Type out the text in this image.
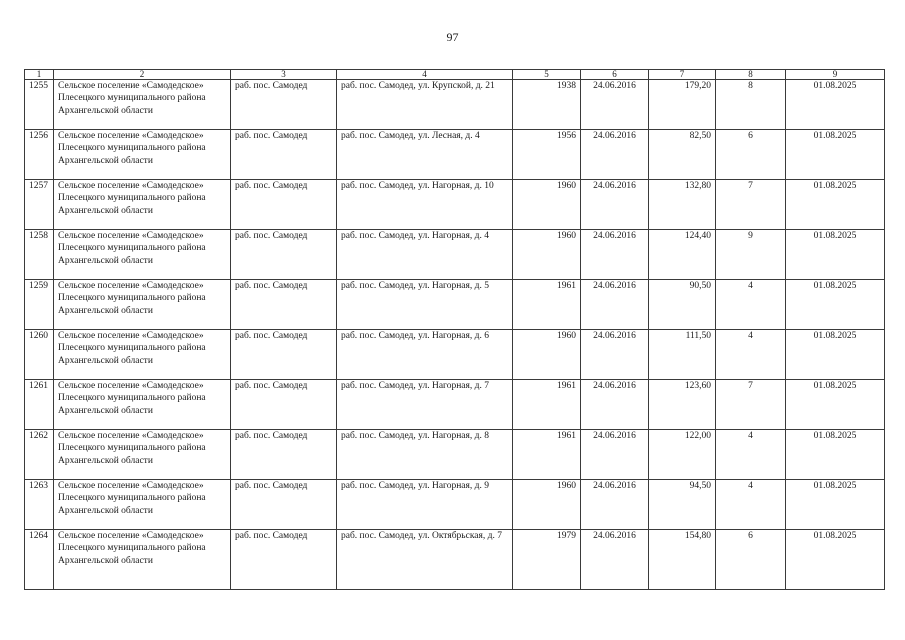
97
1	2	3	4	5	6	7	8	9
1255	Сельское поселение «Самодедское» Плесецкого муниципального района Архангельской области	раб. пос. Самодед	раб. пос. Самодед, ул. Крупской, д. 21	1938	24.06.2016	179,20	8	01.08.2025
1256	Сельское поселение «Самодедское» Плесецкого муниципального района Архангельской области	раб. пос. Самодед	раб. пос. Самодед, ул. Лесная, д. 4	1956	24.06.2016	82,50	6	01.08.2025
1257	Сельское поселение «Самодедское» Плесецкого муниципального района Архангельской области	раб. пос. Самодед	раб. пос. Самодед, ул. Нагорная, д. 10	1960	24.06.2016	132,80	7	01.08.2025
1258	Сельское поселение «Самодедское» Плесецкого муниципального района Архангельской области	раб. пос. Самодед	раб. пос. Самодед, ул. Нагорная, д. 4	1960	24.06.2016	124,40	9	01.08.2025
1259	Сельское поселение «Самодедское» Плесецкого муниципального района Архангельской области	раб. пос. Самодед	раб. пос. Самодед, ул. Нагорная, д. 5	1961	24.06.2016	90,50	4	01.08.2025
1260	Сельское поселение «Самодедское» Плесецкого муниципального района Архангельской области	раб. пос. Самодед	раб. пос. Самодед, ул. Нагорная, д. 6	1960	24.06.2016	111,50	4	01.08.2025
1261	Сельское поселение «Самодедское» Плесецкого муниципального района Архангельской области	раб. пос. Самодед	раб. пос. Самодед, ул. Нагорная, д. 7	1961	24.06.2016	123,60	7	01.08.2025
1262	Сельское поселение «Самодедское» Плесецкого муниципального района Архангельской области	раб. пос. Самодед	раб. пос. Самодед, ул. Нагорная, д. 8	1961	24.06.2016	122,00	4	01.08.2025
1263	Сельское поселение «Самодедское» Плесецкого муниципального района Архангельской области	раб. пос. Самодед	раб. пос. Самодед, ул. Нагорная, д. 9	1960	24.06.2016	94,50	4	01.08.2025
1264	Сельское поселение «Самодедское» Плесецкого муниципального района Архангельской области	раб. пос. Самодед	раб. пос. Самодед, ул. Октябрьская, д. 7	1979	24.06.2016	154,80	6	01.08.2025
